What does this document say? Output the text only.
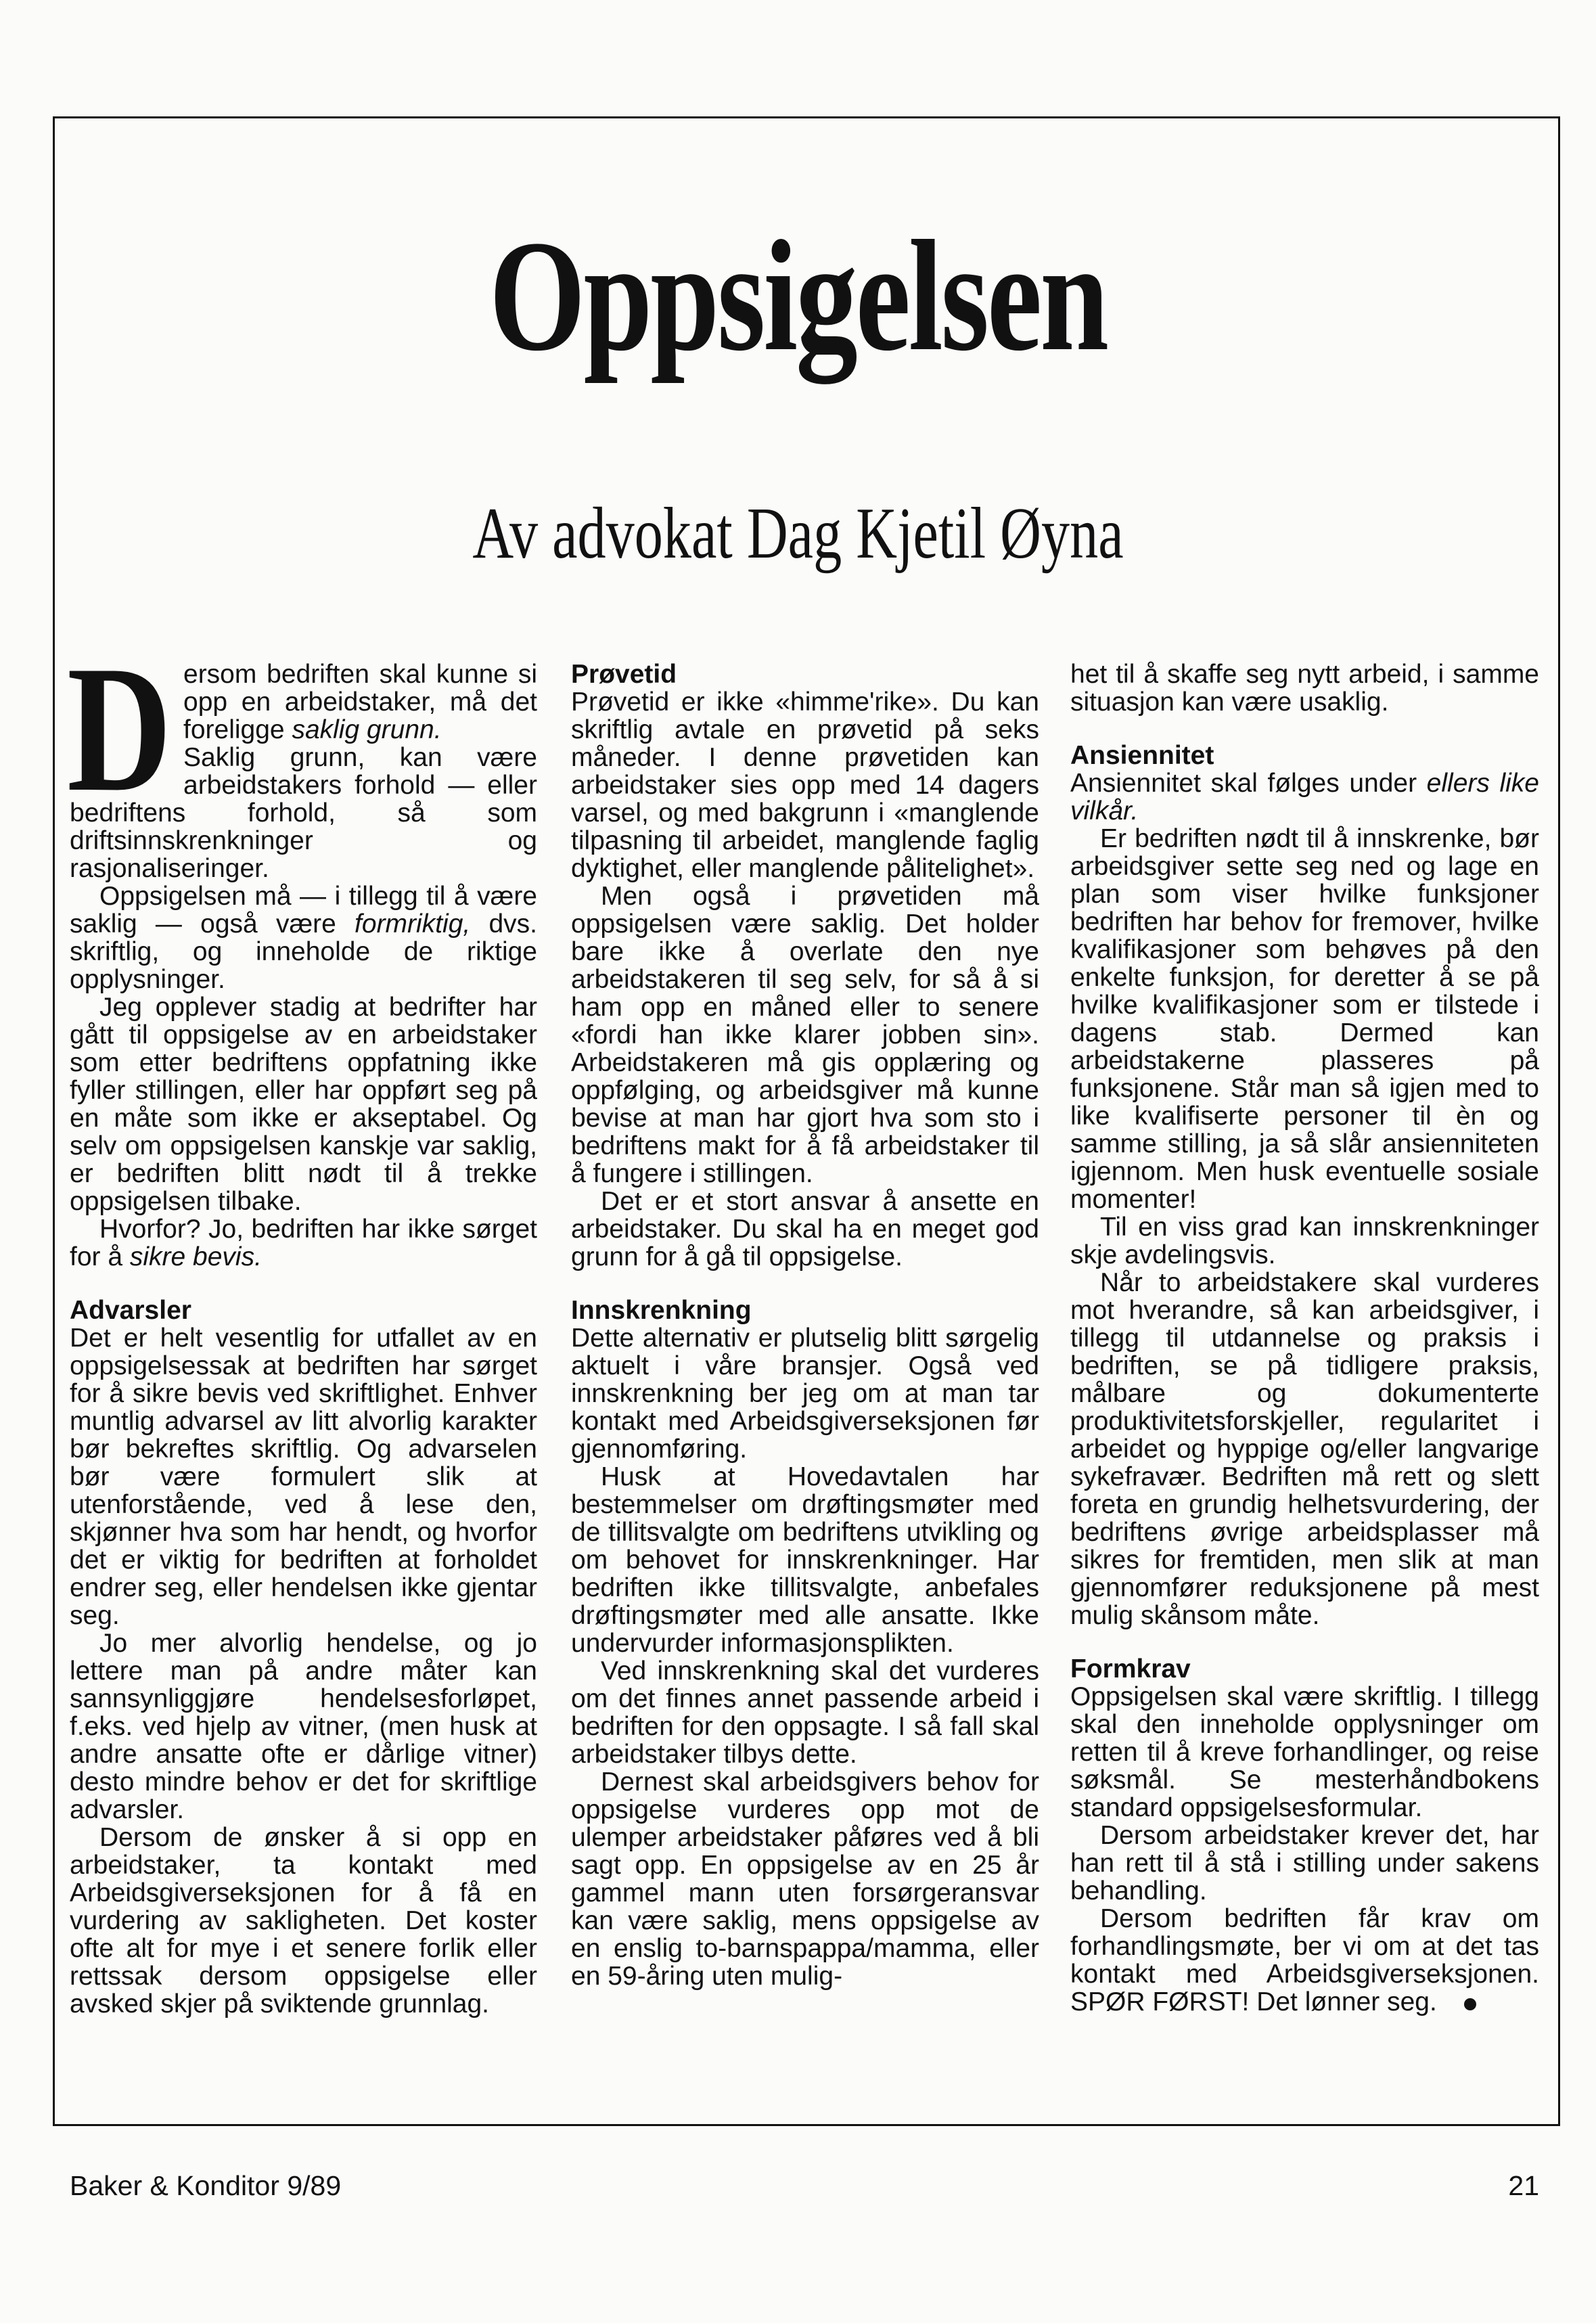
Oppsigelsen
Av advokat Dag Kjetil Øyna
D ersom bedriften skal kunne si opp en arbeidstaker, må det foreligge saklig grunn.

Saklig grunn, kan være arbeidstakers forhold — eller bedriftens forhold, så som driftsinnskrenkninger og rasjonaliseringer.

Oppsigelsen må — i tillegg til å være saklig — også være formriktig, dvs. skriftlig, og inneholde de riktige opplysninger.

Jeg opplever stadig at bedrifter har gått til oppsigelse av en arbeidstaker som etter bedriftens oppfatning ikke fyller stillingen, eller har oppført seg på en måte som ikke er akseptabel. Og selv om oppsigelsen kanskje var saklig, er bedriften blitt nødt til å trekke oppsigelsen tilbake.

Hvorfor? Jo, bedriften har ikke sørget for å sikre bevis.

Advarsler

Det er helt vesentlig for utfallet av en oppsigelsessak at bedriften har sørget for å sikre bevis ved skriftlighet. Enhver muntlig advarsel av litt alvorlig karakter bør bekreftes skriftlig. Og advarselen bør være formulert slik at utenforstående, ved å lese den, skjønner hva som har hendt, og hvorfor det er viktig for bedriften at forholdet endrer seg, eller hendelsen ikke gjentar seg.

Jo mer alvorlig hendelse, og jo lettere man på andre måter kan sannsynliggjøre hendelsesforløpet, f.eks. ved hjelp av vitner, (men husk at andre ansatte ofte er dårlige vitner) desto mindre behov er det for skriftlige advarsler.

Dersom de ønsker å si opp en arbeidstaker, ta kontakt med Arbeidsgiverseksjonen for å få en vurdering av sakligheten. Det koster ofte alt for mye i et senere forlik eller rettssak dersom oppsigelse eller avsked skjer på sviktende grunnlag.

Prøvetid

Prøvetid er ikke «himme'rike». Du kan skriftlig avtale en prøvetid på seks måneder. I denne prøvetiden kan arbeidstaker sies opp med 14 dagers varsel, og med bakgrunn i «manglende tilpasning til arbeidet, manglende faglig dyktighet, eller manglende pålitelighet».

Men også i prøvetiden må oppsigelsen være saklig. Det holder bare ikke å overlate den nye arbeidstakeren til seg selv, for så å si ham opp en måned eller to senere «fordi han ikke klarer jobben sin». Arbeidstakeren må gis opplæring og oppfølging, og arbeidsgiver må kunne bevise at man har gjort hva som sto i bedriftens makt for å få arbeidstaker til å fungere i stillingen.

Det er et stort ansvar å ansette en arbeidstaker. Du skal ha en meget god grunn for å gå til oppsigelse.

Innskrenkning

Dette alternativ er plutselig blitt sørgelig aktuelt i våre bransjer. Også ved innskrenkning ber jeg om at man tar kontakt med Arbeidsgiverseksjonen før gjennomføring.

Husk at Hovedavtalen har bestemmelser om drøftingsmøter med de tillitsvalgte om bedriftens utvikling og om behovet for innskrenkninger. Har bedriften ikke tillitsvalgte, anbefales drøftingsmøter med alle ansatte. Ikke undervurder informasjonsplikten.

Ved innskrenkning skal det vurderes om det finnes annet passende arbeid i bedriften for den oppsagte. I så fall skal arbeidstaker tilbys dette.

Dernest skal arbeidsgivers behov for oppsigelse vurderes opp mot de ulemper arbeidstaker påføres ved å bli sagt opp. En oppsigelse av en 25 år gammel mann uten forsørgeransvar kan være saklig, mens oppsigelse av en enslig to-barnspappa/mamma, eller en 59-åring uten mulig-

het til å skaffe seg nytt arbeid, i samme situasjon kan være usaklig.

Ansiennitet

Ansiennitet skal følges under ellers like vilkår.

Er bedriften nødt til å innskrenke, bør arbeidsgiver sette seg ned og lage en plan som viser hvilke funksjoner bedriften har behov for fremover, hvilke kvalifikasjoner som behøves på den enkelte funksjon, for deretter å se på hvilke kvalifikasjoner som er tilstede i dagens stab. Dermed kan arbeidstakerne plasseres på funksjonene. Står man så igjen med to like kvalifiserte personer til èn og samme stilling, ja så slår ansienniteten igjennom. Men husk eventuelle sosiale momenter!

Til en viss grad kan innskrenkninger skje avdelingsvis.

Når to arbeidstakere skal vurderes mot hverandre, så kan arbeidsgiver, i tillegg til utdannelse og praksis i bedriften, se på tidligere praksis, målbare og dokumenterte produktivitetsforskjeller, regularitet i arbeidet og hyppige og/eller langvarige sykefravær. Bedriften må rett og slett foreta en grundig helhetsvurdering, der bedriftens øvrige arbeidsplasser må sikres for fremtiden, men slik at man gjennomfører reduksjonene på mest mulig skånsom måte.

Formkrav

Oppsigelsen skal være skriftlig. I tillegg skal den inneholde opplysninger om retten til å kreve forhandlinger, og reise søksmål. Se mesterhåndbokens standard oppsigelsesformular.

Dersom arbeidstaker krever det, har han rett til å stå i stilling under sakens behandling.

Dersom bedriften får krav om forhandlingsmøte, ber vi om at det tas kontakt med Arbeidsgiverseksjonen. SPØR FØRST! Det lønner seg.

Baker & Konditor 9/89	21
